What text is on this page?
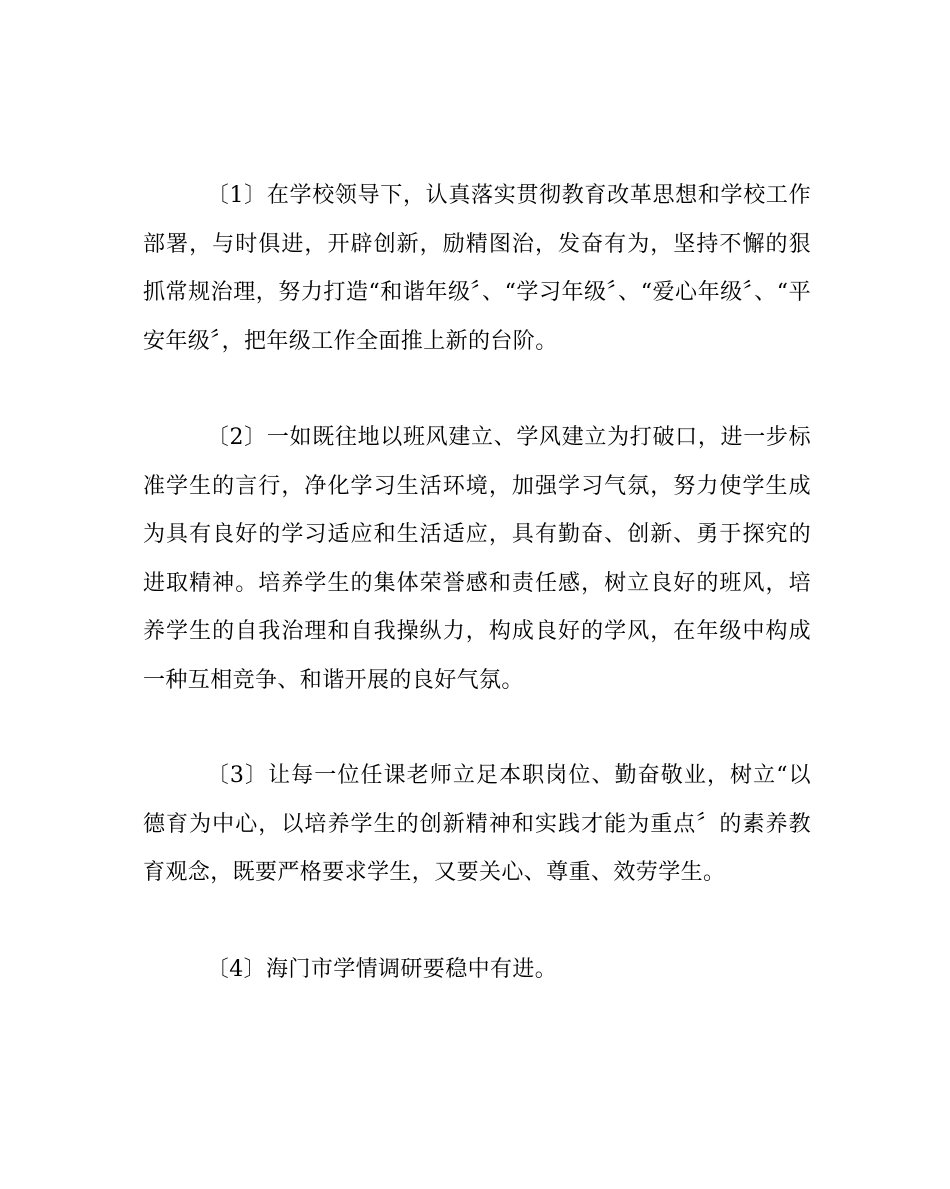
〔1〕在学校领导下，认真落实贯彻教育改革思想和学校工作部署，与时俱进，开辟创新，励精图治，发奋有为，坚持不懈的狠抓常规治理，努力打造“和谐年级〞、“学习年级〞、“爱心年级〞、“平安年级〞，把年级工作全面推上新的台阶。

〔2〕一如既往地以班风建立、学风建立为打破口，进一步标准学生的言行，净化学习生活环境，加强学习气氛，努力使学生成为具有良好的学习适应和生活适应，具有勤奋、创新、勇于探究的进取精神。培养学生的集体荣誉感和责任感，树立良好的班风，培养学生的自我治理和自我操纵力，构成良好的学风，在年级中构成一种互相竞争、和谐开展的良好气氛。

〔3〕让每一位任课老师立足本职岗位、勤奋敬业，树立“以德育为中心，以培养学生的创新精神和实践才能为重点〞的素养教育观念，既要严格要求学生，又要关心、尊重、效劳学生。

〔4〕海门市学情调研要稳中有进。
